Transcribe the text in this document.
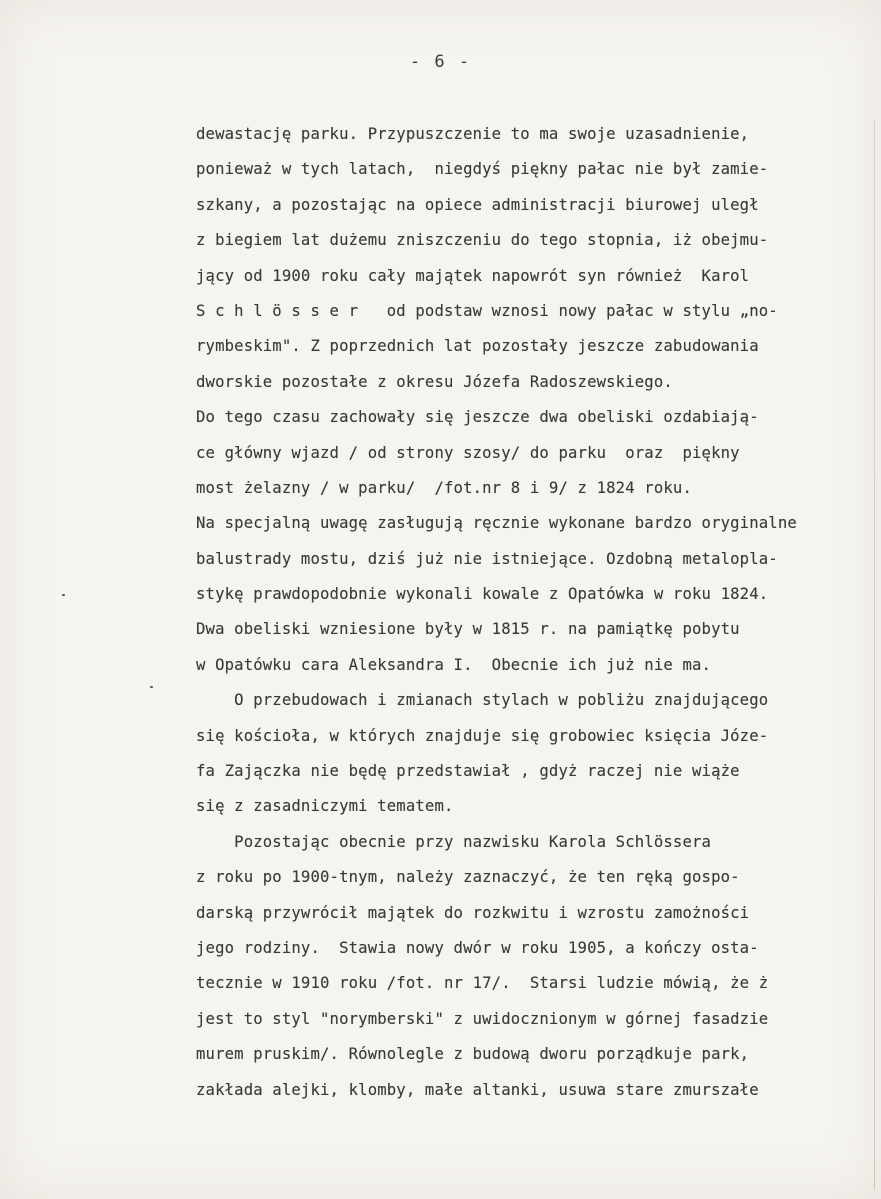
- 6 -
dewastację parku. Przypuszczenie to ma swoje uzasadnienie,
ponieważ w tych latach,  niegdyś piękny pałac nie był zamie-
szkany, a pozostając na opiece administracji biurowej uległ
z biegiem lat dużemu zniszczeniu do tego stopnia, iż obejmu-
jący od 1900 roku cały majątek napowrót syn również  Karol
S c h l ö s s e r   od podstaw wznosi nowy pałac w stylu „no-
rymbeskim". Z poprzednich lat pozostały jeszcze zabudowania
dworskie pozostałe z okresu Józefa Radoszewskiego.
Do tego czasu zachowały się jeszcze dwa obeliski ozdabiają-
ce główny wjazd / od strony szosy/ do parku  oraz  piękny
most żelazny / w parku/  /fot.nr 8 i 9/ z 1824 roku.
Na specjalną uwagę zasługują ręcznie wykonane bardzo oryginalne
balustrady mostu, dziś już nie istniejące. Ozdobną metalopla-
stykę prawdopodobnie wykonali kowale z Opatówka w roku 1824.
Dwa obeliski wzniesione były w 1815 r. na pamiątkę pobytu
w Opatówku cara Aleksandra I.  Obecnie ich już nie ma.
O przebudowach i zmianach stylach w pobliżu znajdującego
się kościoła, w których znajduje się grobowiec księcia Józe-
fa Zajączka nie będę przedstawiał , gdyż raczej nie wiąże
się z zasadniczymi tematem.
Pozostając obecnie przy nazwisku Karola Schlössera
z roku po 1900-tnym, należy zaznaczyć, że ten ręką gospo-
darską przywrócił majątek do rozkwitu i wzrostu zamożności
jego rodziny.  Stawia nowy dwór w roku 1905, a kończy osta-
tecznie w 1910 roku /fot. nr 17/.  Starsi ludzie mówią, że ż
jest to styl "norymberski" z uwidocznionym w górnej fasadzie
murem pruskim/. Równolegle z budową dworu porządkuje park,
zakłada alejki, klomby, małe altanki, usuwa stare zmurszałe
